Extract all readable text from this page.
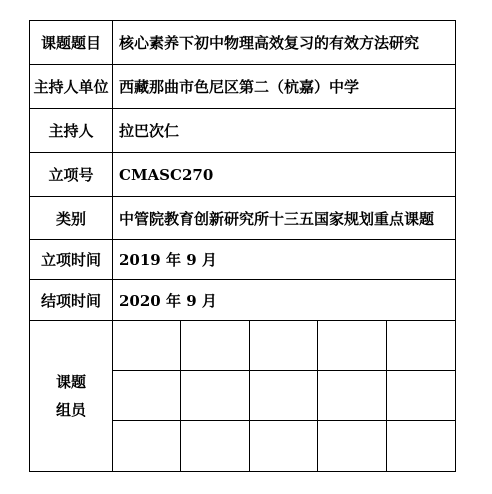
课题题目	核心素养下初中物理高效复习的有效方法研究
主持人单位 西藏那曲市色尼区第二（杭嘉）中学
主持人	拉巴次仁
立项号	CMASC270
类别	中管院教育创新研究所十三五国家规划重点课题
立项时间	2019 年 9 月
结项时间	2020 年 9 月
课题
组员
